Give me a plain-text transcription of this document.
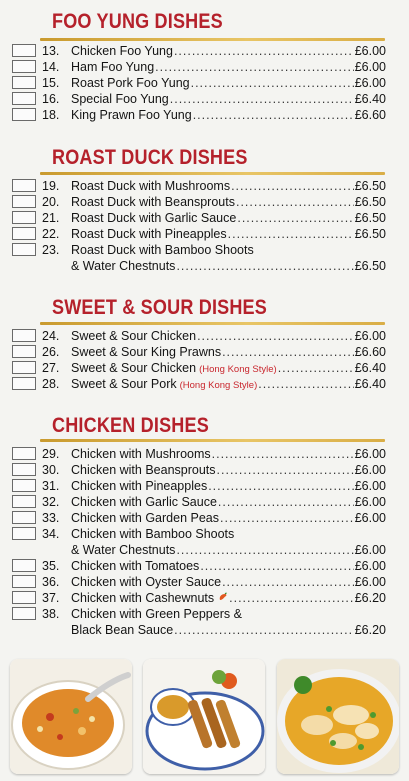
FOO YUNG DISHES
13. Chicken Foo Yung .....	£6.00
14. Ham Foo Yung .....	£6.00
15. Roast Pork Foo Yung .....	£6.00
16. Special Foo Yung .....	£6.40
18. King Prawn Foo Yung .....	£6.60
ROAST DUCK DISHES
19. Roast Duck with Mushrooms .....	£6.50
20. Roast Duck with Beansprouts .....	£6.50
21. Roast Duck with Garlic Sauce .....	£6.50
22. Roast Duck with Pineapples .....	£6.50
23. Roast Duck with Bamboo Shoots
& Water Chestnuts .....	£6.50
SWEET & SOUR DISHES
24. Sweet & Sour Chicken .....	£6.00
26. Sweet & Sour King Prawns .....	£6.60
27. Sweet & Sour Chicken (Hong Kong Style) .....	£6.40
28. Sweet & Sour Pork (Hong Kong Style) .....	£6.40
CHICKEN DISHES
29. Chicken with Mushrooms .....	£6.00
30. Chicken with Beansprouts .....	£6.00
31. Chicken with Pineapples .....	£6.00
32. Chicken with Garlic Sauce .....	£6.00
33. Chicken with Garden Peas .....	£6.00
34. Chicken with Bamboo Shoots
& Water Chestnuts .....	£6.00
35. Chicken with Tomatoes .....	£6.00
36. Chicken with Oyster Sauce .....	£6.00
37. Chicken with Cashewnuts .....	£6.20
38. Chicken with Green Peppers &
Black Bean Sauce .....	£6.20
